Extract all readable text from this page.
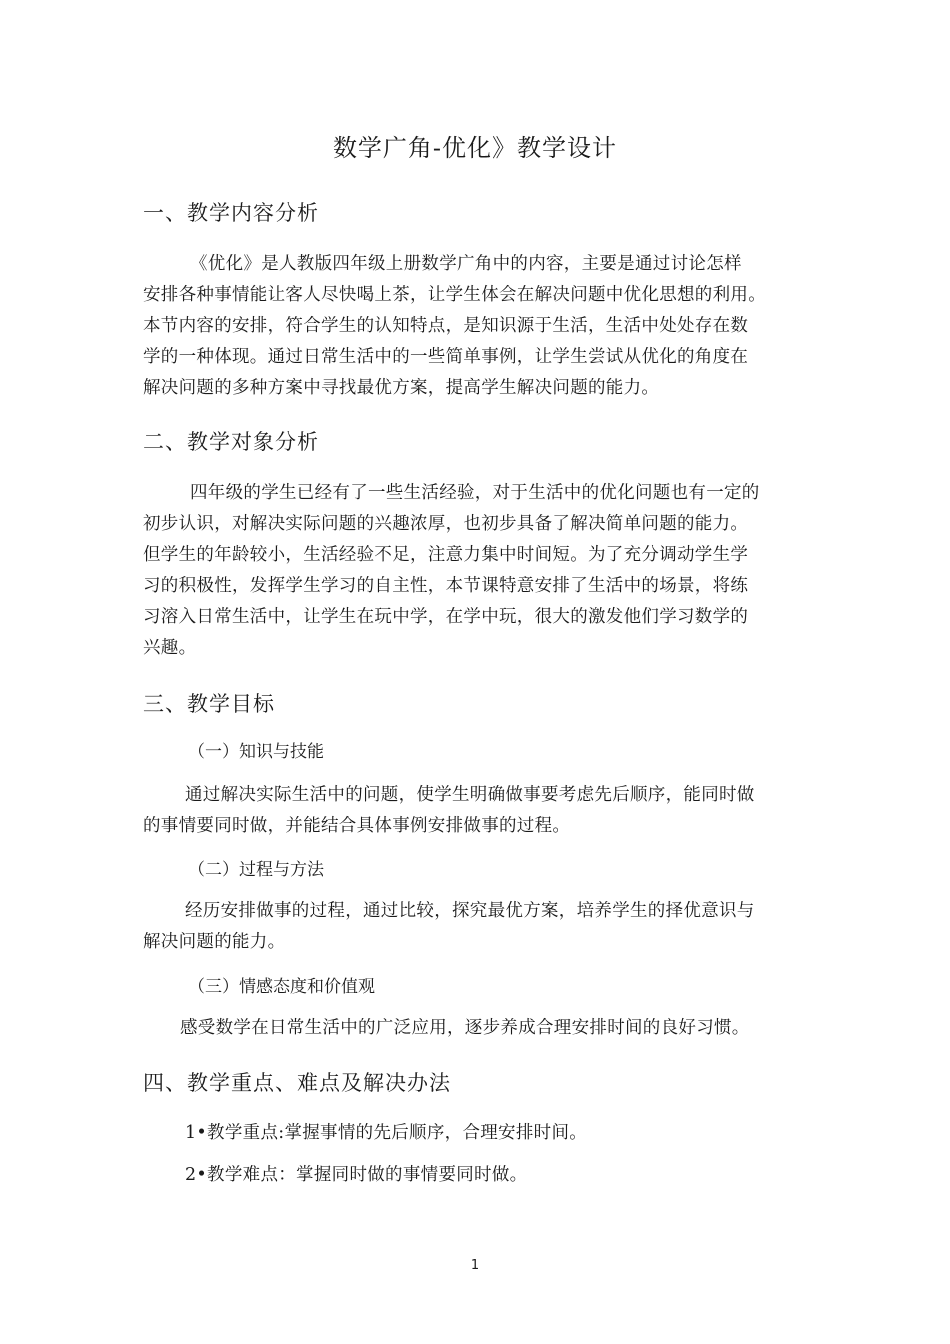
数学广角-优化》教学设计
一、教学内容分析
《优化》是人教版四年级上册数学广角中的内容，主要是通过讨论怎样
安排各种事情能让客人尽快喝上茶，让学生体会在解决问题中优化思想的利用。
本节内容的安排，符合学生的认知特点，是知识源于生活，生活中处处存在数
学的一种体现。通过日常生活中的一些简单事例，让学生尝试从优化的角度在
解决问题的多种方案中寻找最优方案，提高学生解决问题的能力。
二、教学对象分析
四年级的学生已经有了一些生活经验，对于生活中的优化问题也有一定的
初步认识，对解决实际问题的兴趣浓厚，也初步具备了解决简单问题的能力。
但学生的年龄较小，生活经验不足，注意力集中时间短。为了充分调动学生学
习的积极性，发挥学生学习的自主性，本节课特意安排了生活中的场景，将练
习溶入日常生活中，让学生在玩中学，在学中玩，很大的激发他们学习数学的
兴趣。
三、教学目标
（一）知识与技能
通过解决实际生活中的问题，使学生明确做事要考虑先后顺序，能同时做
的事情要同时做，并能结合具体事例安排做事的过程。
（二）过程与方法
经历安排做事的过程，通过比较，探究最优方案，培养学生的择优意识与
解决问题的能力。
（三）情感态度和价值观
感受数学在日常生活中的广泛应用，逐步养成合理安排时间的良好习惯。
四、教学重点、难点及解决办法
1•教学重点:掌握事情的先后顺序，合理安排时间。
2•教学难点：掌握同时做的事情要同时做。
1
